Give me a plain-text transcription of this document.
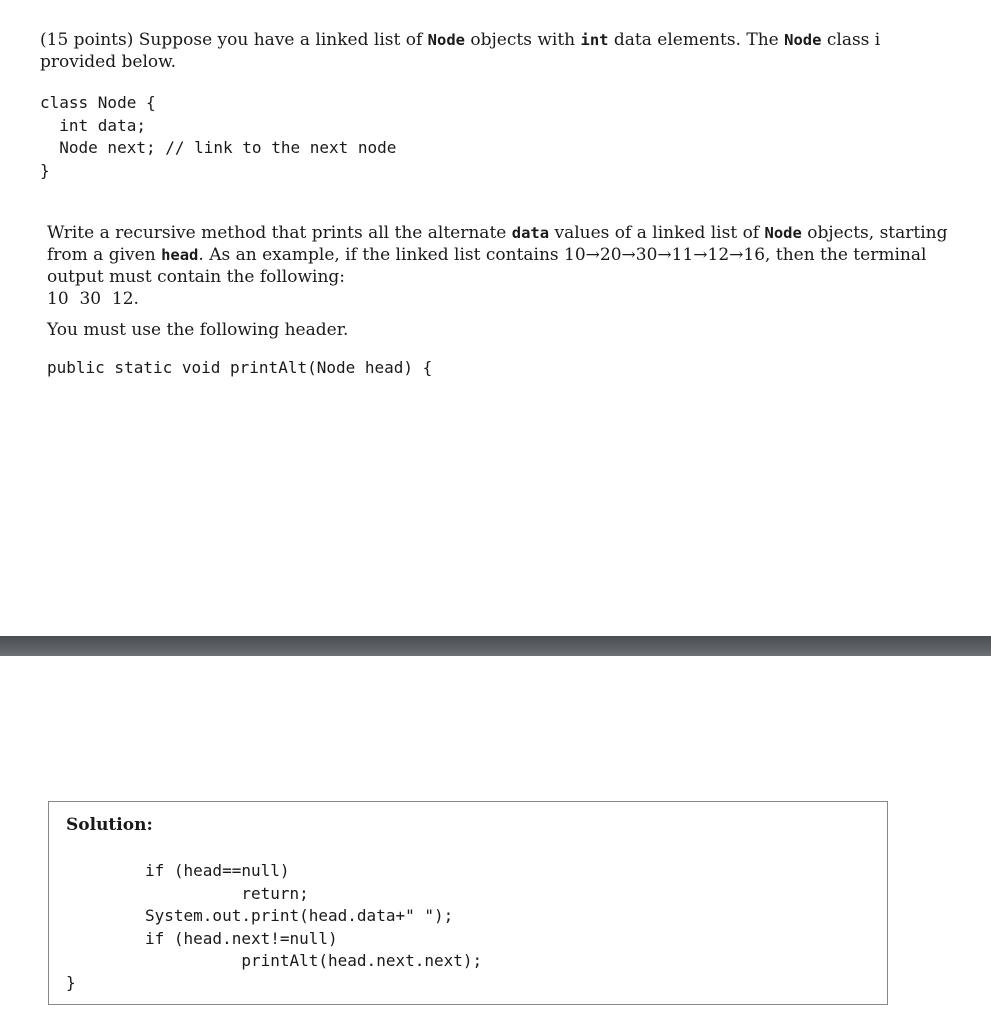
(15 points) Suppose you have a linked list of Node objects with int data elements. The Node class i
provided below.
class Node {
int data;
Node next; // link to the next node
}
Write a recursive method that prints all the alternate data values of a linked list of Node objects, starting
from a given head. As an example, if the linked list contains 10→20→30→11→12→16, then the terminal
output must contain the following:
10  30  12.
You must use the following header.
public static void printAlt(Node head) {
Solution:
if (head==null)
return;
System.out.print(head.data+" ");
if (head.next!=null)
printAlt(head.next.next);
}
